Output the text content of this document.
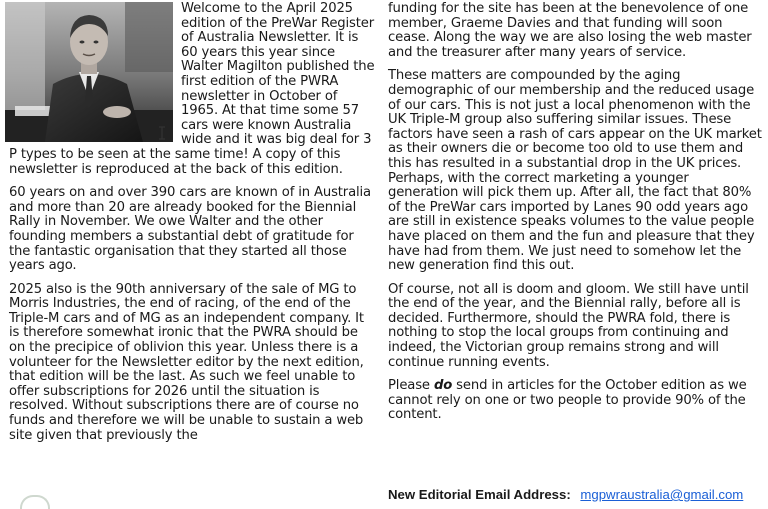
Welcome to the April 2025 edition of the PreWar Register of Australia Newsletter. It is 60 years this year since Walter Magilton published the first edition of the PWRA newsletter in October of 1965. At that time some 57 cars were known Australia wide and it was big deal for 3 P types to be seen at the same time! A copy of this newsletter is reproduced at the back of this edition.

60 years on and over 390 cars are known of in Australia and more than 20 are already booked for the Biennial Rally in November. We owe Walter and the other founding members a substantial debt of gratitude for the fantastic organisation that they started all those years ago.

2025 also is the 90th anniversary of the sale of MG to Morris Industries, the end of racing, of the end of the Triple-M cars and of MG as an independent company. It is therefore somewhat ironic that the PWRA should be on the precipice of oblivion this year. Unless there is a volunteer for the Newsletter editor by the next edition, that edition will be the last. As such we feel unable to offer subscriptions for 2026 until the situation is resolved. Without subscriptions there are of course no funds and therefore we will be unable to sustain a web site given that previously the

funding for the site has been at the benevolence of one member, Graeme Davies and that funding will soon cease. Along the way we are also losing the web master and the treasurer after many years of service.

These matters are compounded by the aging demographic of our membership and the reduced usage of our cars. This is not just a local phenomenon with the UK Triple-M group also suffering similar issues. These factors have seen a rash of cars appear on the UK market as their owners die or become too old to use them and this has resulted in a substantial drop in the UK prices. Perhaps, with the correct marketing a younger generation will pick them up. After all, the fact that 80% of the PreWar cars imported by Lanes 90 odd years ago are still in existence speaks volumes to the value people have placed on them and the fun and pleasure that they have had from them. We just need to somehow let the new generation find this out.

Of course, not all is doom and gloom. We still have until the end of the year, and the Biennial rally, before all is decided. Furthermore, should the PWRA fold, there is nothing to stop the local groups from continuing and indeed, the Victorian group remains strong and will continue running events.

Please do send in articles for the October edition as we cannot rely on one or two people to provide 90% of the content.

New Editorial Email Address: mgpwraustralia@gmail.com
